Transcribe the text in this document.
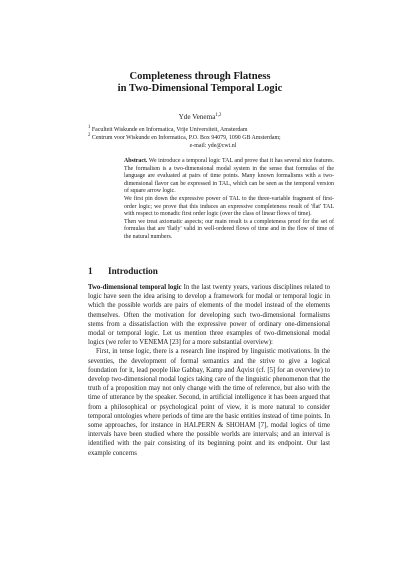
Completeness through Flatness
in Two-Dimensional Temporal Logic
Yde Venema$^{1,2}$
$^1$ Faculteit Wiskunde en Informatica, Vrije Universiteit, Amsterdam
$^2$ Centrum voor Wiskunde en Informatica, P.O. Box 94079, 1090 GB Amsterdam;
e-mail: yde@cwi.nl

Abstract. We introduce a temporal logic TAL and prove that it has several nice features. The formalism is a two-dimensional modal system in the sense that formulas of the language are evaluated at pairs of time points. Many known formalisms with a two-dimensional flavor can be expressed in TAL, which can be seen as the temporal version of square arrow logic.

We first pin down the expressive power of TAL to the three-variable fragment of first-order logic; we prove that this induces an expressive completeness result of 'flat' TAL with respect to monadic first order logic (over the class of linear flows of time).

Then we treat axiomatic aspects; our main result is a completeness proof for the set of formulas that are 'flatly' valid in well-ordered flows of time and in the flow of time of the natural numbers.

1 Introduction

Two-dimensional temporal logic In the last twenty years, various disciplines related to logic have seen the idea arising to develop a framework for modal or temporal logic in which the possible worlds are pairs of elements of the model instead of the elements themselves. Often the motivation for developing such two-dimensional formalisms stems from a dissatisfaction with the expressive power of ordinary one-dimensional modal or temporal logic. Let us mention three examples of two-dimensional modal logics (we refer to VENEMA [23] for a more substantial overview):

First, in tense logic, there is a research line inspired by linguistic motivations. In the seventies, the development of formal semantics and the strive to give a logical foundation for it, lead people like Gabbay, Kamp and Åqvist (cf. [5] for an overview) to develop two-dimensional modal logics taking care of the linguistic phenomenon that the truth of a proposition may not only change with the time of reference, but also with the time of utterance by the speaker. Second, in artificial intelligence it has been argued that from a philosophical or psychological point of view, it is more natural to consider temporal ontologies where periods of time are the basic entities instead of time points. In some approaches, for instance in HALPERN & SHOHAM [7], modal logics of time intervals have been studied where the possible worlds are intervals; and an interval is identified with the pair consisting of its beginning point and its endpoint. Our last example concerns
